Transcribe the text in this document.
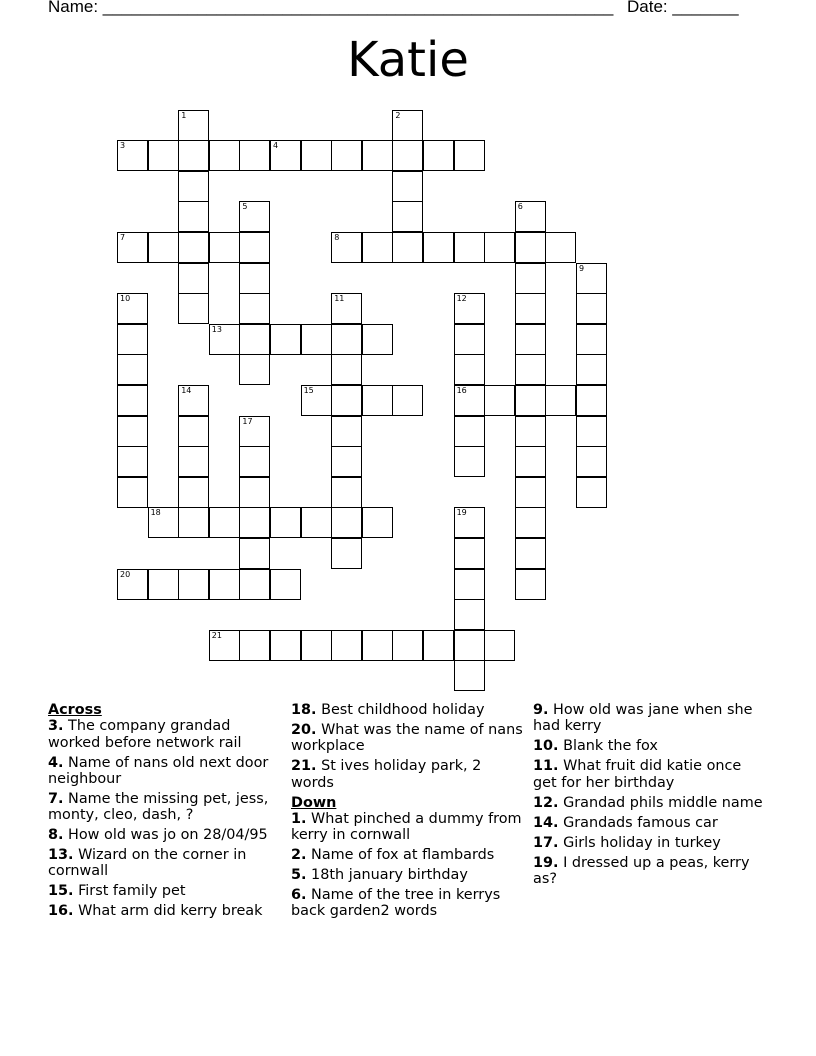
Name: ______________________________________________________ Date: _______
Katie
1	2
3	4
5	6
7	8
9
10	11	12
13
14	15	16
17
18	19
20
21
Across
3. The company grandad worked before network rail
4. Name of nans old next door neighbour
7. Name the missing pet, jess, monty, cleo, dash, ?
8. How old was jo on 28/04/95
13. Wizard on the corner in cornwall
15. First family pet
16. What arm did kerry break
18. Best childhood holiday
20. What was the name of nans workplace
21. St ives holiday park, 2 words
Down
1. What pinched a dummy from kerry in cornwall
2. Name of fox at flambards
5. 18th january birthday
6. Name of the tree in kerrys back garden2 words
9. How old was jane when she had kerry
10. Blank the fox
11. What fruit did katie once get for her birthday
12. Grandad phils middle name
14. Grandads famous car
17. Girls holiday in turkey
19. I dressed up a peas, kerry as?
